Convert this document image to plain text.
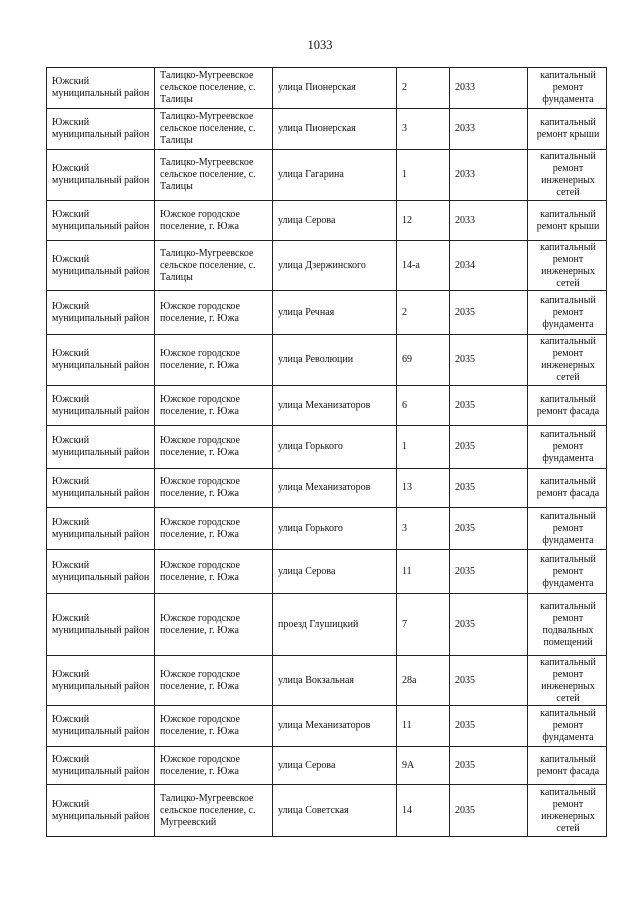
1033
Южский муниципальный район	Талицко-Мугреевское сельское поселение, с. Талицы	улица Пионерская	2	2033	капитальный ремонт фундамента
Южский муниципальный район	Талицко-Мугреевское сельское поселение, с. Талицы	улица Пионерская	3	2033	капитальный ремонт крыши
Южский муниципальный район	Талицко-Мугреевское сельское поселение, с. Талицы	улица Гагарина	1	2033	капитальный ремонт инженерных сетей
Южский муниципальный район	Южское городское поселение, г. Южа	улица Серова	12	2033	капитальный ремонт крыши
Южский муниципальный район	Талицко-Мугреевское сельское поселение, с. Талицы	улица Дзержинского	14-а	2034	капитальный ремонт инженерных сетей
Южский муниципальный район	Южское городское поселение, г. Южа	улица Речная	2	2035	капитальный ремонт фундамента
Южский муниципальный район	Южское городское поселение, г. Южа	улица Революции	69	2035	капитальный ремонт инженерных сетей
Южский муниципальный район	Южское городское поселение, г. Южа	улица Механизаторов	6	2035	капитальный ремонт фасада
Южский муниципальный район	Южское городское поселение, г. Южа	улица Горького	1	2035	капитальный ремонт фундамента
Южский муниципальный район	Южское городское поселение, г. Южа	улица Механизаторов	13	2035	капитальный ремонт фасада
Южский муниципальный район	Южское городское поселение, г. Южа	улица Горького	3	2035	капитальный ремонт фундамента
Южский муниципальный район	Южское городское поселение, г. Южа	улица Серова	11	2035	капитальный ремонт фундамента
Южский муниципальный район	Южское городское поселение, г. Южа	проезд Глушицкий	7	2035	капитальный ремонт подвальных помещений
Южский муниципальный район	Южское городское поселение, г. Южа	улица Вокзальная	28а	2035	капитальный ремонт инженерных сетей
Южский муниципальный район	Южское городское поселение, г. Южа	улица Механизаторов	11	2035	капитальный ремонт фундамента
Южский муниципальный район	Южское городское поселение, г. Южа	улица Серова	9А	2035	капитальный ремонт фасада
Южский муниципальный район	Талицко-Мугреевское сельское поселение, с. Мугреевский	улица Советская	14	2035	капитальный ремонт инженерных сетей
